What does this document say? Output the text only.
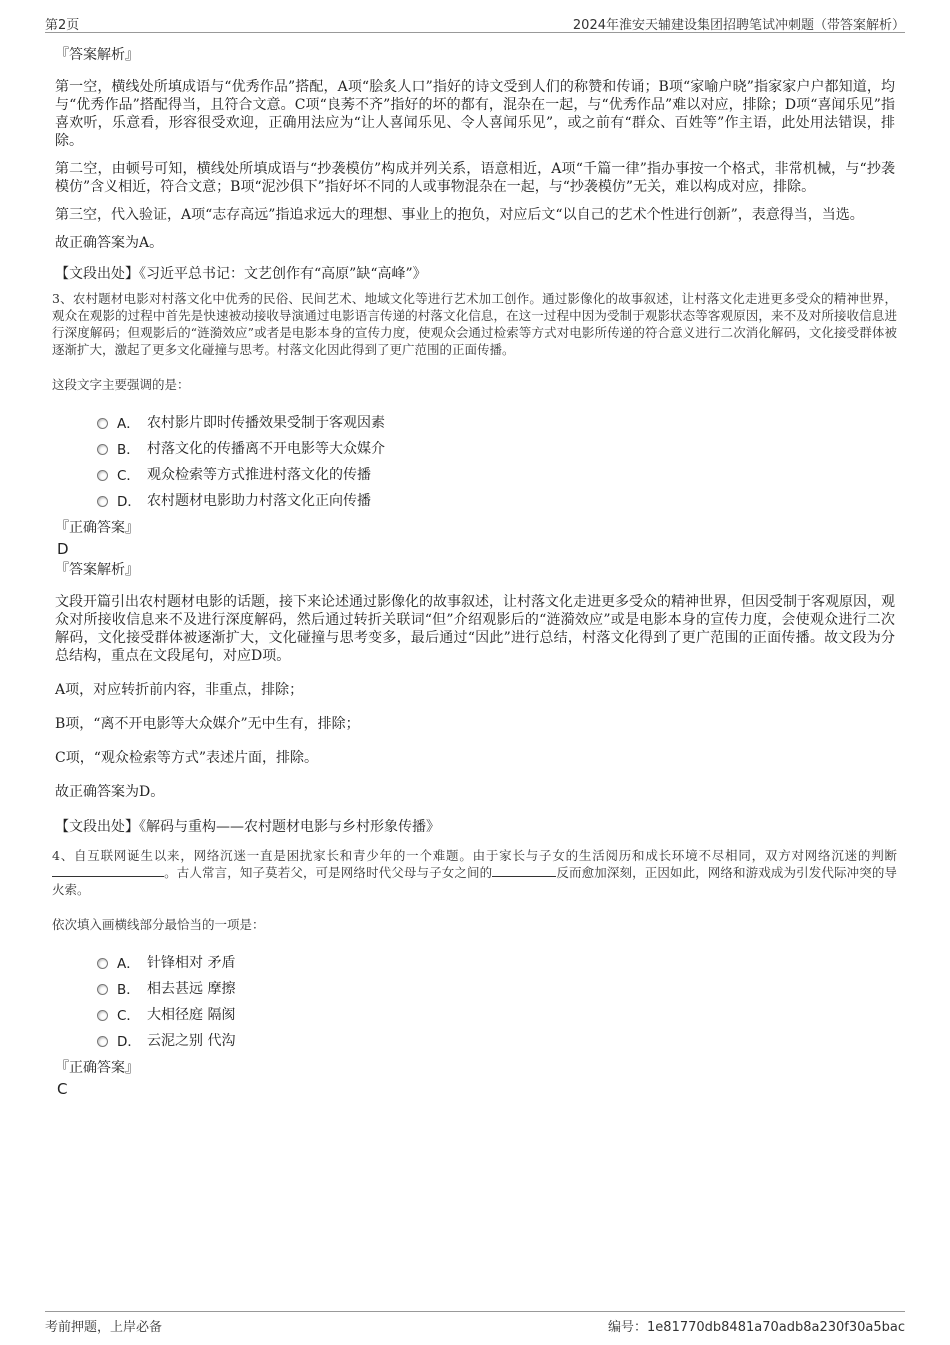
第2页	2024年淮安天辅建设集团招聘笔试冲刺题（带答案解析）

『答案解析』

第一空，横线处所填成语与“优秀作品”搭配，A项“脍炙人口”指好的诗文受到人们的称赞和传诵；B项“家喻户晓”指家家户户都知道，均与“优秀作品”搭配得当，且符合文意。C项“良莠不齐”指好的坏的都有，混杂在一起，与“优秀作品”难以对应，排除；D项“喜闻乐见”指喜欢听，乐意看，形容很受欢迎，正确用法应为“让人喜闻乐见、令人喜闻乐见”，或之前有“群众、百姓等”作主语，此处用法错误，排除。

第二空，由顿号可知，横线处所填成语与“抄袭模仿”构成并列关系，语意相近，A项“千篇一律”指办事按一个格式，非常机械，与“抄袭模仿”含义相近，符合文意；B项“泥沙俱下”指好坏不同的人或事物混杂在一起，与“抄袭模仿”无关，难以构成对应，排除。

第三空，代入验证，A项“志存高远”指追求远大的理想、事业上的抱负，对应后文“以自己的艺术个性进行创新”，表意得当，当选。

故正确答案为A。

【文段出处】《习近平总书记：文艺创作有“高原”缺“高峰”》

3、农村题材电影对村落文化中优秀的民俗、民间艺术、地域文化等进行艺术加工创作。通过影像化的故事叙述，让村落文化走进更多受众的精神世界，观众在观影的过程中首先是快速被动接收导演通过电影语言传递的村落文化信息，在这一过程中因为受制于观影状态等客观原因，来不及对所接收信息进行深度解码；但观影后的“涟漪效应”或者是电影本身的宣传力度，使观众会通过检索等方式对电影所传递的符合意义进行二次消化解码，文化接受群体被逐渐扩大，激起了更多文化碰撞与思考。村落文化因此得到了更广范围的正面传播。

这段文字主要强调的是：

A． 农村影片即时传播效果受制于客观因素
B． 村落文化的传播离不开电影等大众媒介
C． 观众检索等方式推进村落文化的传播
D． 农村题材电影助力村落文化正向传播

『正确答案』

D

『答案解析』

文段开篇引出农村题材电影的话题，接下来论述通过影像化的故事叙述，让村落文化走进更多受众的精神世界，但因受制于客观原因，观众对所接收信息来不及进行深度解码，然后通过转折关联词“但”介绍观影后的“涟漪效应”或是电影本身的宣传力度，会使观众进行二次解码，文化接受群体被逐渐扩大，文化碰撞与思考变多，最后通过“因此”进行总结，村落文化得到了更广范围的正面传播。故文段为分总结构，重点在文段尾句，对应D项。

A项，对应转折前内容，非重点，排除；

B项，“离不开电影等大众媒介”无中生有，排除；

C项，“观众检索等方式”表述片面，排除。

故正确答案为D。

【文段出处】《解码与重构——农村题材电影与乡村形象传播》

4、自互联网诞生以来，网络沉迷一直是困扰家长和青少年的一个难题。由于家长与子女的生活阅历和成长环境不尽相同，双方对网络沉迷的判断。古人常言，知子莫若父，可是网络时代父母与子女之间的	反而愈加深刻，正因如此，网络和游戏成为引发代际冲突的导火索。

依次填入画横线部分最恰当的一项是：

A． 针锋相对 矛盾
B． 相去甚远 摩擦
C． 大相径庭 隔阂
D． 云泥之别 代沟

『正确答案』

C

考前押题，上岸必备	编号：1e81770db8481a70adb8a230f30a5bac
